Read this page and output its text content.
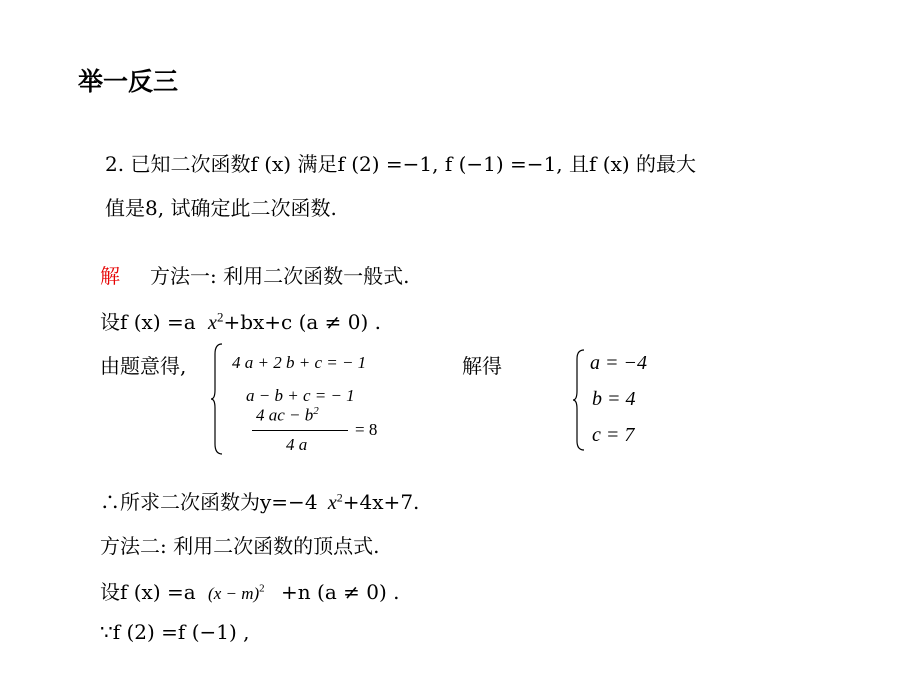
举一反三
2. 已知二次函数f (x) 满足f (2) =−1, f (−1) =−1, 且f (x) 的最大
值是8, 试确定此二次函数.
解 方法一: 利用二次函数一般式.
设f (x) =a $x^2+bx+c$ (a ≠ 0) .
由题意得,	4 a + 2 b + c = − 1
a − b + c = − 1
4 ac − $b^2$
4 a
= 8
解得	a = −4
b = 4
c = 7
∴所求二次函数为y=−4 $x^2+4x+7$.
方法二: 利用二次函数的顶点式.
设f (x) =a $(x - m)^2 +n$ (a ≠ 0) .
∵f (2) =f (−1) ,
